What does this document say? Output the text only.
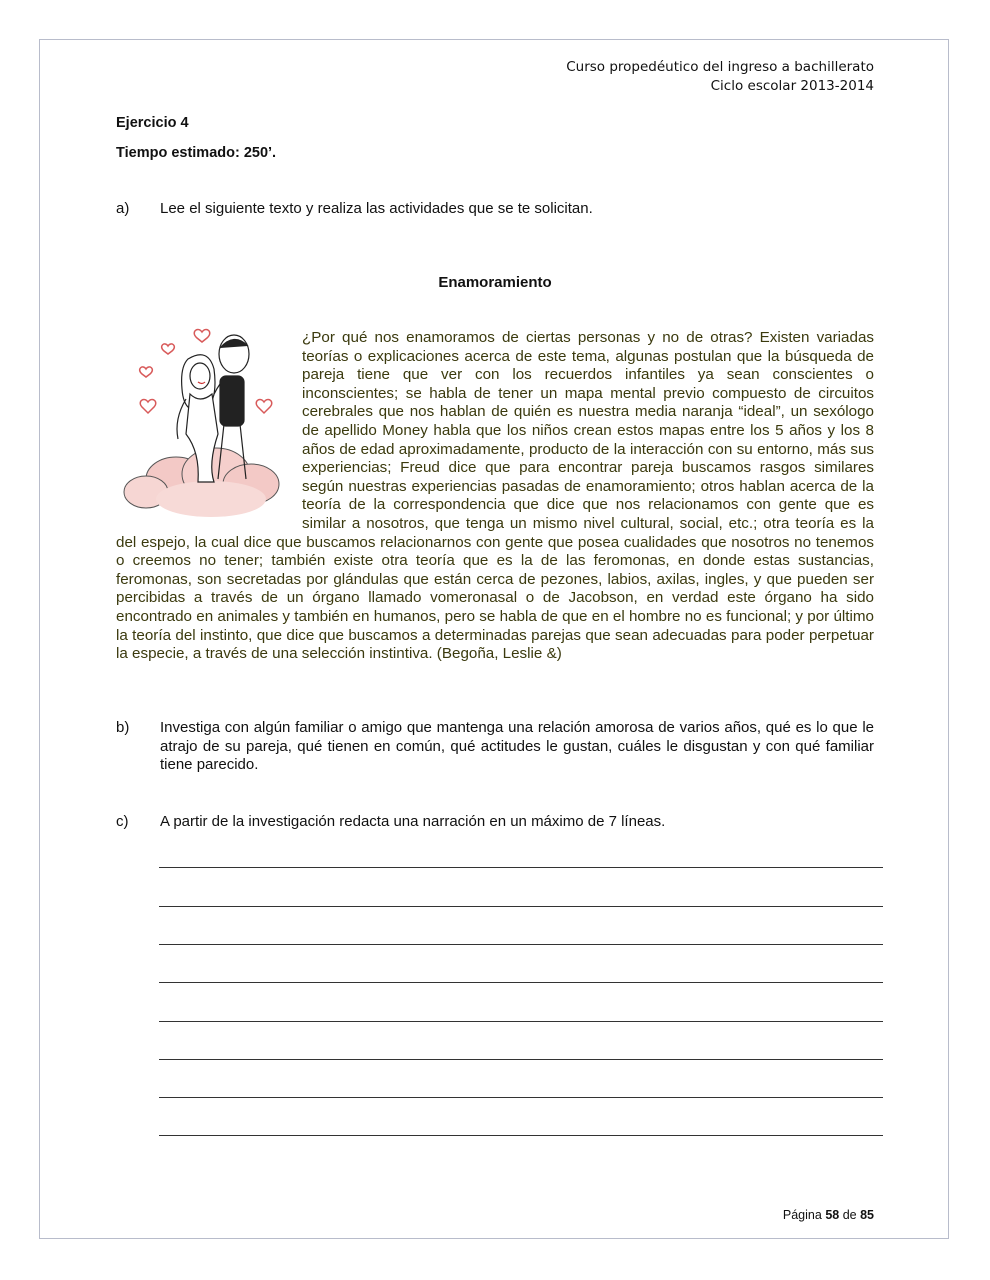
Curso propedéutico del ingreso a bachillerato
Ciclo escolar 2013-2014
Ejercicio 4
Tiempo estimado: 250’.
a) Lee el siguiente texto y realiza las actividades que se te solicitan.
Enamoramiento
¿Por qué nos enamoramos de ciertas personas y no de otras? Existen variadas teorías o explicaciones acerca de este tema, algunas postulan que la búsqueda de pareja tiene que ver con los recuerdos infantiles ya sean conscientes o inconscientes; se habla de tener un mapa mental previo compuesto de circuitos cerebrales que nos hablan de quién es nuestra media naranja “ideal”, un sexólogo de apellido Money habla que los niños crean estos mapas entre los 5 años y los 8 años de edad aproximadamente, producto de la interacción con su entorno, más sus experiencias; Freud dice que para encontrar pareja buscamos rasgos similares según nuestras experiencias pasadas de enamoramiento; otros hablan acerca de la teoría de la correspondencia que dice que nos relacionamos con gente que es similar a nosotros, que tenga un mismo nivel cultural, social, etc.; otra teoría es la del espejo, la cual dice que buscamos relacionarnos con gente que posea cualidades que nosotros no tenemos o creemos no tener; también existe otra teoría que es la de las feromonas, en donde estas sustancias, feromonas, son secretadas por glándulas que están cerca de pezones, labios, axilas, ingles, y que pueden ser percibidas a través de un órgano llamado vomeronasal o de Jacobson, en verdad este órgano ha sido encontrado en animales y también en humanos, pero se habla de que en el hombre no es funcional; y por último la teoría del instinto, que dice que buscamos a determinadas parejas que sean adecuadas para poder perpetuar la especie, a través de una selección instintiva. (Begoña, Leslie &)
b) Investiga con algún familiar o amigo que mantenga una relación amorosa de varios años, qué es lo que le atrajo de su pareja, qué tienen en común, qué actitudes le gustan, cuáles le disgustan y con qué familiar tiene parecido.
c) A partir de la investigación redacta una narración en un máximo de 7 líneas.
Página 58 de 85
